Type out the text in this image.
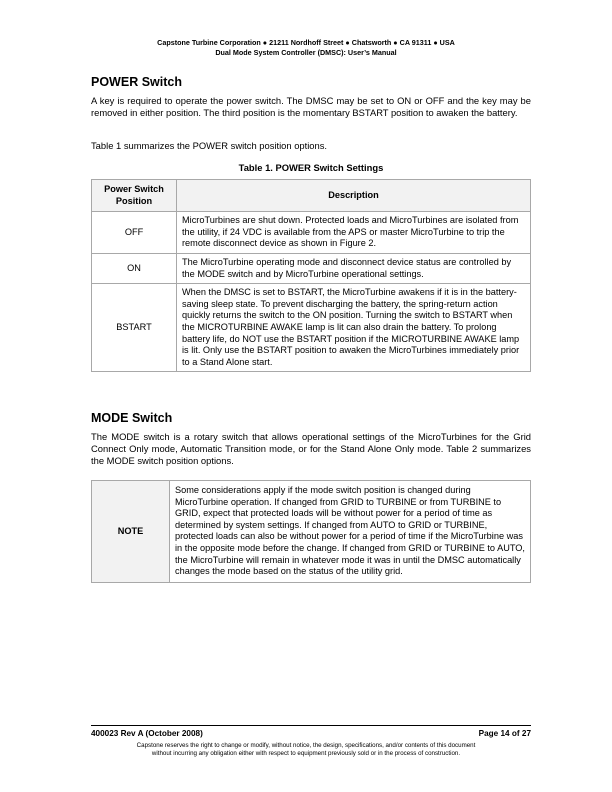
Capstone Turbine Corporation ● 21211 Nordhoff Street ● Chatsworth ● CA 91311 ● USA
Dual Mode System Controller (DMSC): User’s Manual
POWER Switch

A key is required to operate the power switch. The DMSC may be set to ON or OFF and the key may be removed in either position. The third position is the momentary BSTART position to awaken the battery.

Table 1 summarizes the POWER switch position options.

Table 1. POWER Switch Settings
Power Switch Position	Description
OFF	MicroTurbines are shut down. Protected loads and MicroTurbines are isolated from the utility, if 24 VDC is available from the APS or master MicroTurbine to trip the remote disconnect device as shown in Figure 2.
ON	The MicroTurbine operating mode and disconnect device status are controlled by the MODE switch and by MicroTurbine operational settings.
BSTART	When the DMSC is set to BSTART, the MicroTurbine awakens if it is in the battery-saving sleep state. To prevent discharging the battery, the spring-return action quickly returns the switch to the ON position. Turning the switch to BSTART when the MICROTURBINE AWAKE lamp is lit can also drain the battery. To prolong battery life, do NOT use the BSTART position if the MICROTURBINE AWAKE lamp is lit. Only use the BSTART position to awaken the MicroTurbines immediately prior to a Stand Alone start.
MODE Switch

The MODE switch is a rotary switch that allows operational settings of the MicroTurbines for the Grid Connect Only mode, Automatic Transition mode, or for the Stand Alone Only mode. Table 2 summarizes the MODE switch position options.

NOTE	Some considerations apply if the mode switch position is changed during MicroTurbine operation. If changed from GRID to TURBINE or from TURBINE to GRID, expect that protected loads will be without power for a period of time as determined by system settings. If changed from AUTO to GRID or TURBINE, protected loads can also be without power for a period of time if the MicroTurbine was in the opposite mode before the change. If changed from GRID or TURBINE to AUTO, the MicroTurbine will remain in whatever mode it was in until the DMSC automatically changes the mode based on the status of the utility grid.
400023 Rev A (October 2008)	Page 14 of 27
Capstone reserves the right to change or modify, without notice, the design, specifications, and/or contents of this document
without incurring any obligation either with respect to equipment previously sold or in the process of construction.
